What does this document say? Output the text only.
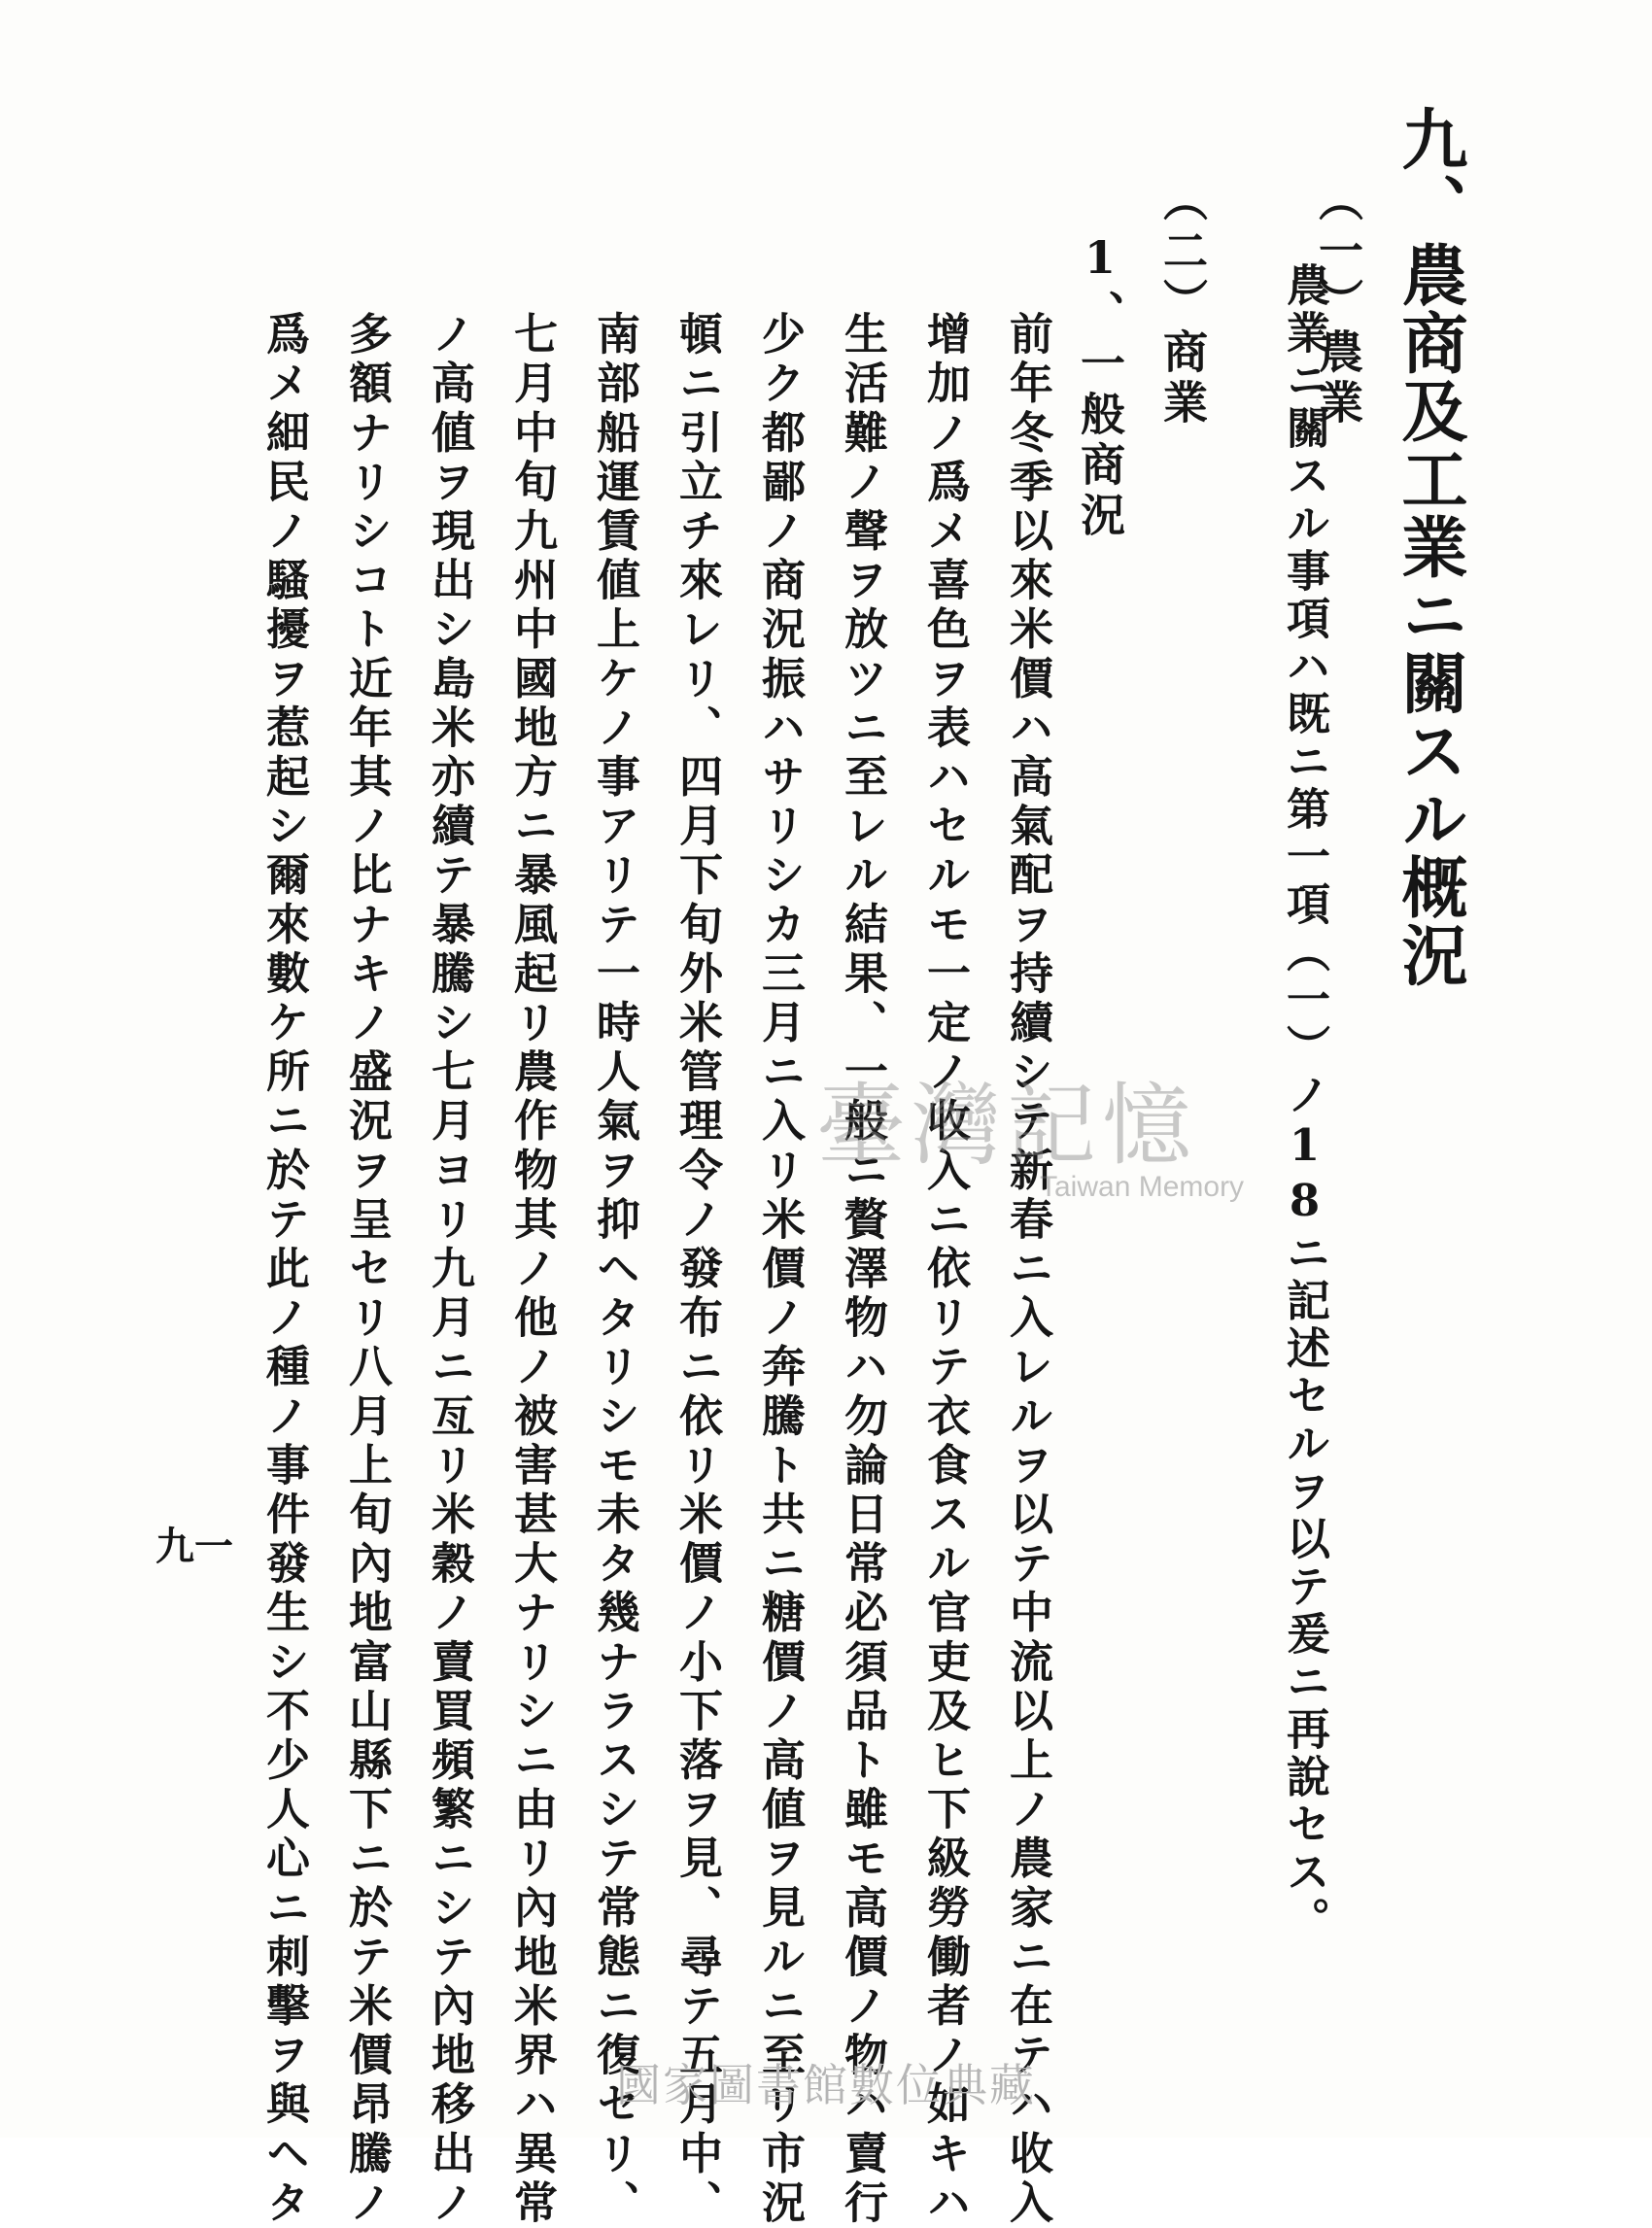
九、農商及工業ニ關スル概況
（一）農業
農業ニ關スル事項ハ既ニ第一項（一）ノ18ニ記述セルヲ以テ爰ニ再說セス。
（二）商業
1、一般商況
前年冬季以來米價ハ高氣配ヲ持續シテ新春ニ入レルヲ以テ中流以上ノ農家ニ在テハ收入
增加ノ爲メ喜色ヲ表ハセルモ一定ノ收入ニ依リテ衣食スル官吏及ヒ下級勞働者ノ如キハ
生活難ノ聲ヲ放ツニ至レル結果、一般ニ贅澤物ハ勿論日常必須品ト雖モ高價ノ物ハ賣行
少ク都鄙ノ商況振ハサリシカ三月ニ入リ米價ノ奔騰ト共ニ糖價ノ高値ヲ見ルニ至リ市況
頓ニ引立チ來レリ、四月下旬外米管理令ノ發布ニ依リ米價ノ小下落ヲ見、尋テ五月中、
南部船運賃値上ケノ事アリテ一時人氣ヲ抑ヘタリシモ未タ幾ナラスシテ常態ニ復セリ、
七月中旬九州中國地方ニ暴風起リ農作物其ノ他ノ被害甚大ナリシニ由リ內地米界ハ異常
ノ高値ヲ現出シ島米亦續テ暴騰シ七月ヨリ九月ニ亙リ米穀ノ賣買頻繁ニシテ內地移出ノ
多額ナリシコト近年其ノ比ナキノ盛況ヲ呈セリ八月上旬內地富山縣下ニ於テ米價昂騰ノ
爲メ細民ノ騷擾ヲ惹起シ爾來數ケ所ニ於テ此ノ種ノ事件發生シ不少人心ニ刺擊ヲ與ヘタ
九一
臺灣記憶
Taiwan Memory
國家圖書館數位典藏
